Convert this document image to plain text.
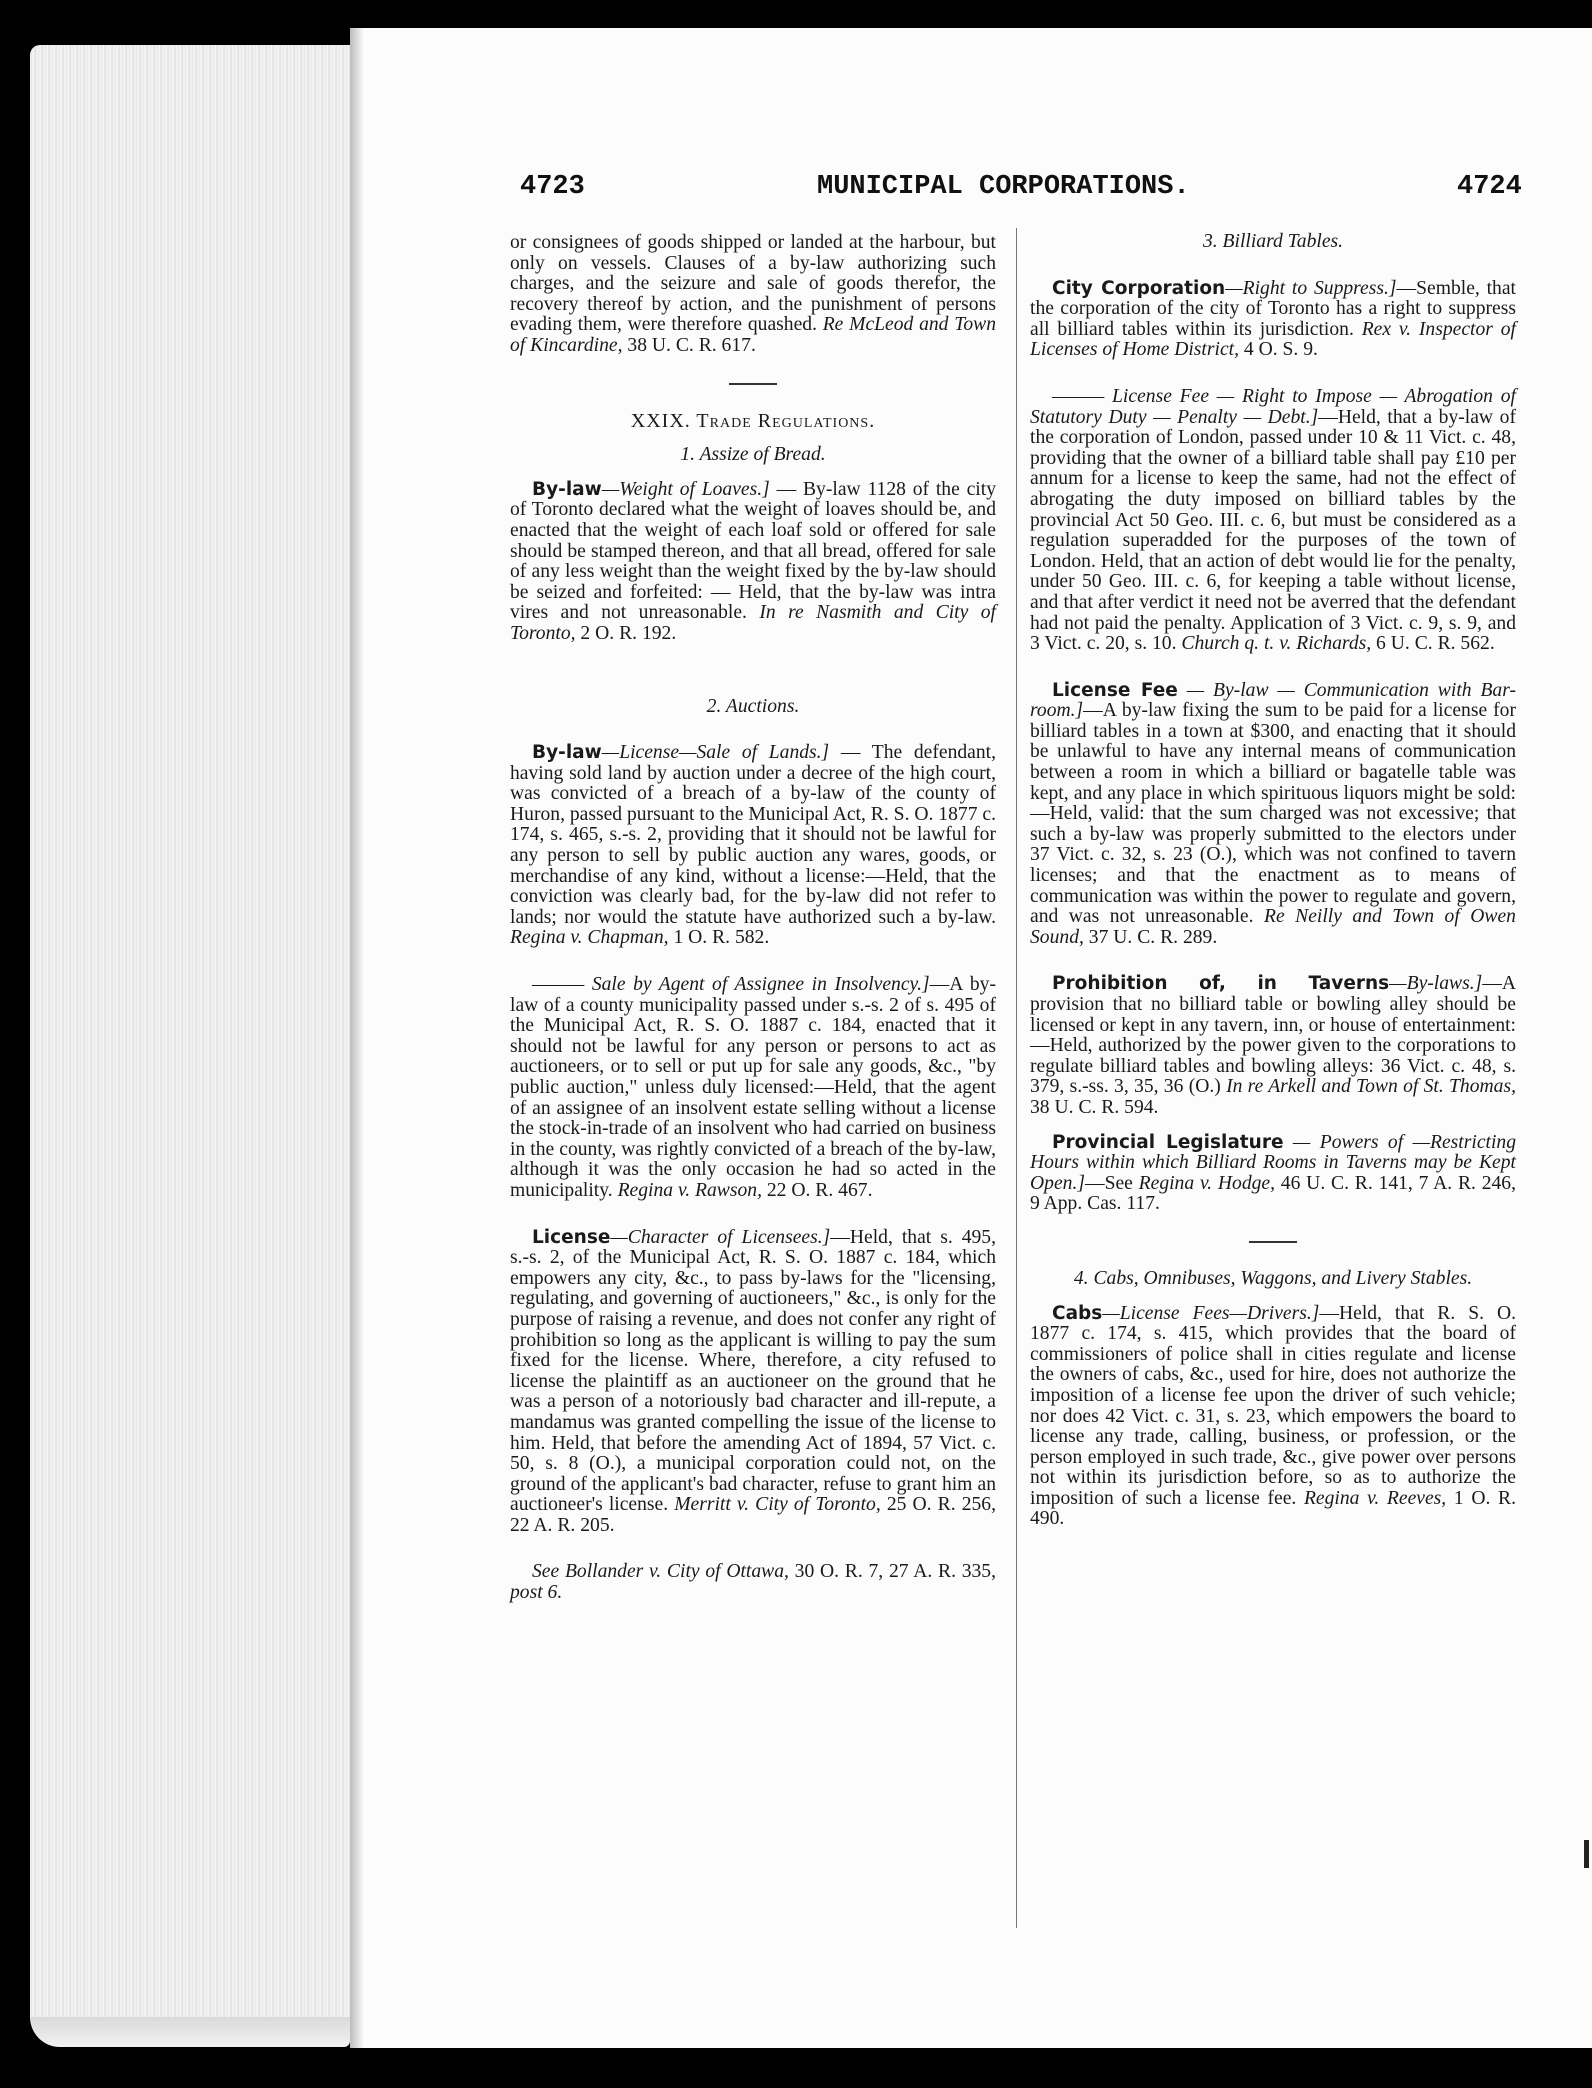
4723	MUNICIPAL CORPORATIONS.	4724

or consignees of goods shipped or landed at the harbour, but only on vessels. Clauses of a by-law authorizing such charges, and the seizure and sale of goods therefor, the recovery thereof by action, and the punishment of persons evading them, were therefore quashed. Re McLeod and Town of Kincardine, 38 U. C. R. 617.

XXIX. Trade Regulations.

1. Assize of Bread.

By-law—Weight of Loaves.] — By-law 1128 of the city of Toronto declared what the weight of loaves should be, and enacted that the weight of each loaf sold or offered for sale should be stamped thereon, and that all bread, offered for sale of any less weight than the weight fixed by the by-law should be seized and forfeited: — Held, that the by-law was intra vires and not unreasonable. In re Nasmith and City of Toronto, 2 O. R. 192.

2. Auctions.

By-law—License—Sale of Lands.] — The defendant, having sold land by auction under a decree of the high court, was convicted of a breach of a by-law of the county of Huron, passed pursuant to the Municipal Act, R. S. O. 1877 c. 174, s. 465, s.-s. 2, providing that it should not be lawful for any person to sell by public auction any wares, goods, or merchandise of any kind, without a license:—Held, that the conviction was clearly bad, for the by-law did not refer to lands; nor would the statute have authorized such a by-law. Regina v. Chapman, 1 O. R. 582.

——— Sale by Agent of Assignee in Insolvency.]—A by-law of a county municipality passed under s.-s. 2 of s. 495 of the Municipal Act, R. S. O. 1887 c. 184, enacted that it should not be lawful for any person or persons to act as auctioneers, or to sell or put up for sale any goods, &c., "by public auction," unless duly licensed:—Held, that the agent of an assignee of an insolvent estate selling without a license the stock-in-trade of an insolvent who had carried on business in the county, was rightly convicted of a breach of the by-law, although it was the only occasion he had so acted in the municipality. Regina v. Rawson, 22 O. R. 467.

License—Character of Licensees.]—Held, that s. 495, s.-s. 2, of the Municipal Act, R. S. O. 1887 c. 184, which empowers any city, &c., to pass by-laws for the "licensing, regulating, and governing of auctioneers," &c., is only for the purpose of raising a revenue, and does not confer any right of prohibition so long as the applicant is willing to pay the sum fixed for the license. Where, therefore, a city refused to license the plaintiff as an auctioneer on the ground that he was a person of a notoriously bad character and ill-repute, a mandamus was granted compelling the issue of the license to him. Held, that before the amending Act of 1894, 57 Vict. c. 50, s. 8 (O.), a municipal corporation could not, on the ground of the applicant's bad character, refuse to grant him an auctioneer's license. Merritt v. City of Toronto, 25 O. R. 256, 22 A. R. 205.

See Bollander v. City of Ottawa, 30 O. R. 7, 27 A. R. 335, post 6.

3. Billiard Tables.

City Corporation—Right to Suppress.]—Semble, that the corporation of the city of Toronto has a right to suppress all billiard tables within its jurisdiction. Rex v. Inspector of Licenses of Home District, 4 O. S. 9.

——— License Fee — Right to Impose — Abrogation of Statutory Duty — Penalty — Debt.]—Held, that a by-law of the corporation of London, passed under 10 & 11 Vict. c. 48, providing that the owner of a billiard table shall pay £10 per annum for a license to keep the same, had not the effect of abrogating the duty imposed on billiard tables by the provincial Act 50 Geo. III. c. 6, but must be considered as a regulation superadded for the purposes of the town of London. Held, that an action of debt would lie for the penalty, under 50 Geo. III. c. 6, for keeping a table without license, and that after verdict it need not be averred that the defendant had not paid the penalty. Application of 3 Vict. c. 9, s. 9, and 3 Vict. c. 20, s. 10. Church q. t. v. Richards, 6 U. C. R. 562.

License Fee — By-law — Communication with Bar-room.]—A by-law fixing the sum to be paid for a license for billiard tables in a town at $300, and enacting that it should be unlawful to have any internal means of communication between a room in which a billiard or bagatelle table was kept, and any place in which spirituous liquors might be sold:—Held, valid: that the sum charged was not excessive; that such a by-law was properly submitted to the electors under 37 Vict. c. 32, s. 23 (O.), which was not confined to tavern licenses; and that the enactment as to means of communication was within the power to regulate and govern, and was not unreasonable. Re Neilly and Town of Owen Sound, 37 U. C. R. 289.

Prohibition of, in Taverns—By-laws.]—A provision that no billiard table or bowling alley should be licensed or kept in any tavern, inn, or house of entertainment:—Held, authorized by the power given to the corporations to regulate billiard tables and bowling alleys: 36 Vict. c. 48, s. 379, s.-ss. 3, 35, 36 (O.) In re Arkell and Town of St. Thomas, 38 U. C. R. 594.

Provincial Legislature — Powers of —Restricting Hours within which Billiard Rooms in Taverns may be Kept Open.]—See Regina v. Hodge, 46 U. C. R. 141, 7 A. R. 246, 9 App. Cas. 117.

4. Cabs, Omnibuses, Waggons, and Livery Stables.

Cabs—License Fees—Drivers.]—Held, that R. S. O. 1877 c. 174, s. 415, which provides that the board of commissioners of police shall in cities regulate and license the owners of cabs, &c., used for hire, does not authorize the imposition of a license fee upon the driver of such vehicle; nor does 42 Vict. c. 31, s. 23, which empowers the board to license any trade, calling, business, or profession, or the person employed in such trade, &c., give power over persons not within its jurisdiction before, so as to authorize the imposition of such a license fee. Regina v. Reeves, 1 O. R. 490.
